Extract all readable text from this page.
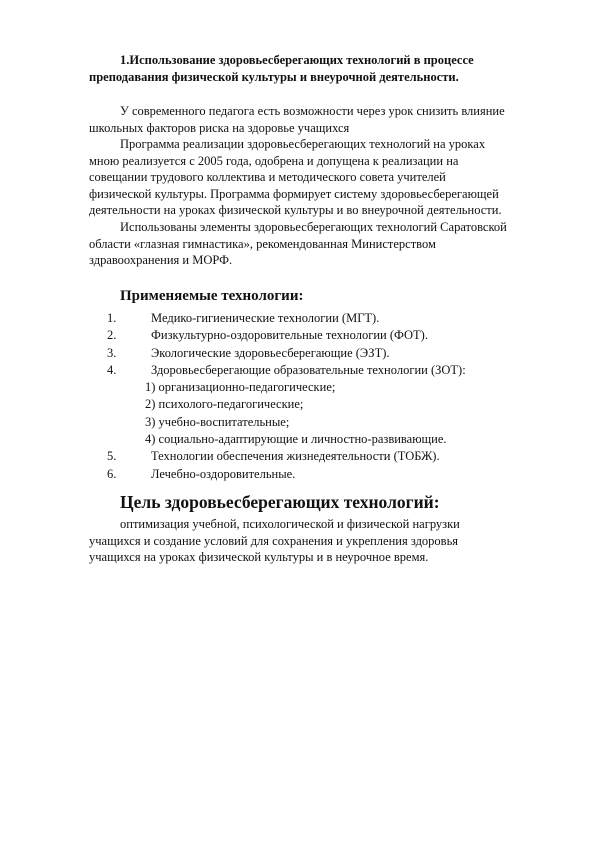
1.Использование здоровьесберегающих технологий в процессе
преподавания физической культуры и внеурочной деятельности.
У современного педагога есть возможности через урок снизить влияние
школьных факторов риска на здоровье учащихся
Программа реализации здоровьесберегающих технологий на уроках
мною реализуется с 2005 года, одобрена и допущена к реализации на
совещании трудового коллектива и методического совета учителей
физической культуры. Программа формирует систему здоровьесберегающей
деятельности на уроках физической культуры и во внеурочной деятельности.
Использованы элементы здоровьесберегающих технологий Саратовской
области «глазная гимнастика», рекомендованная Министерством
здравоохранения и МОРФ.
Применяемые технологии:
1.	Медико-гигиенические технологии (МГТ).
2.	Физкультурно-оздоровительные технологии (ФОТ).
3.	Экологические здоровьесберегающие (ЭЗТ).
4.	Здоровьесберегающие образовательные технологии (ЗОТ):
1) организационно-педагогические;
2) психолого-педагогические;
3) учебно-воспитательные;
4) социально-адаптирующие и личностно-развивающие.
5.	Технологии обеспечения жизнедеятельности (ТОБЖ).
6.	Лечебно-оздоровительные.
Цель здоровьесберегающих технологий:
оптимизация учебной, психологической и физической нагрузки
учащихся и создание условий для сохранения и укрепления здоровья
учащихся на уроках физической культуры и в неурочное время.
